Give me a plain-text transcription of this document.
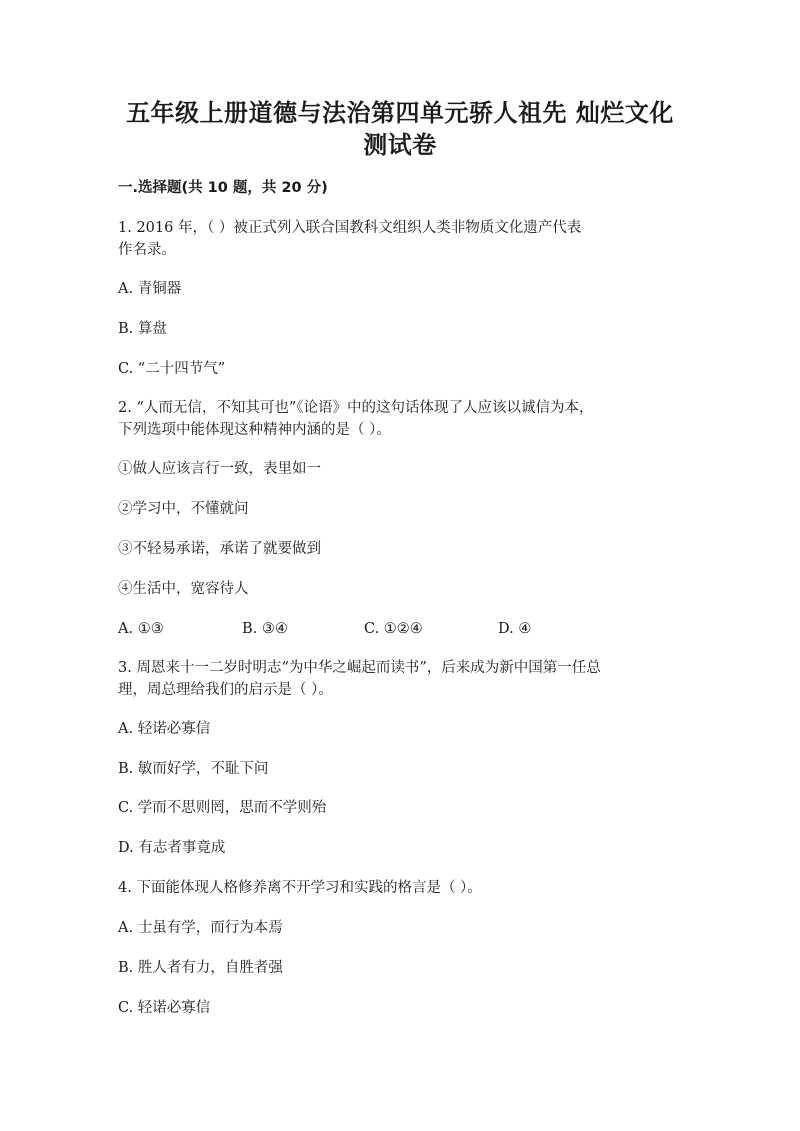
五年级上册道德与法治第四单元骄人祖先 灿烂文化
测试卷
一.选择题(共 10 题，共 20 分)
1. 2016 年，（ ）被正式列入联合国教科文组织人类非物质文化遗产代表
作名录。
A. 青铜器
B. 算盘
C. “二十四节气”
2. “人而无信，不知其可也”《论语》中的这句话体现了人应该以诚信为本，
下列选项中能体现这种精神内涵的是（ ）。
①做人应该言行一致，表里如一
②学习中，不懂就问
③不轻易承诺，承诺了就要做到
④生活中，宽容待人
A. ①③	B. ③④	C. ①②④	D. ④
3. 周恩来十一二岁时明志“为中华之崛起而读书”，后来成为新中国第一任总
理，周总理给我们的启示是（ ）。
A. 轻诺必寡信
B. 敏而好学，不耻下问
C. 学而不思则罔，思而不学则殆
D. 有志者事竟成
4. 下面能体现人格修养离不开学习和实践的格言是（ ）。
A. 士虽有学，而行为本焉
B. 胜人者有力，自胜者强
C. 轻诺必寡信
